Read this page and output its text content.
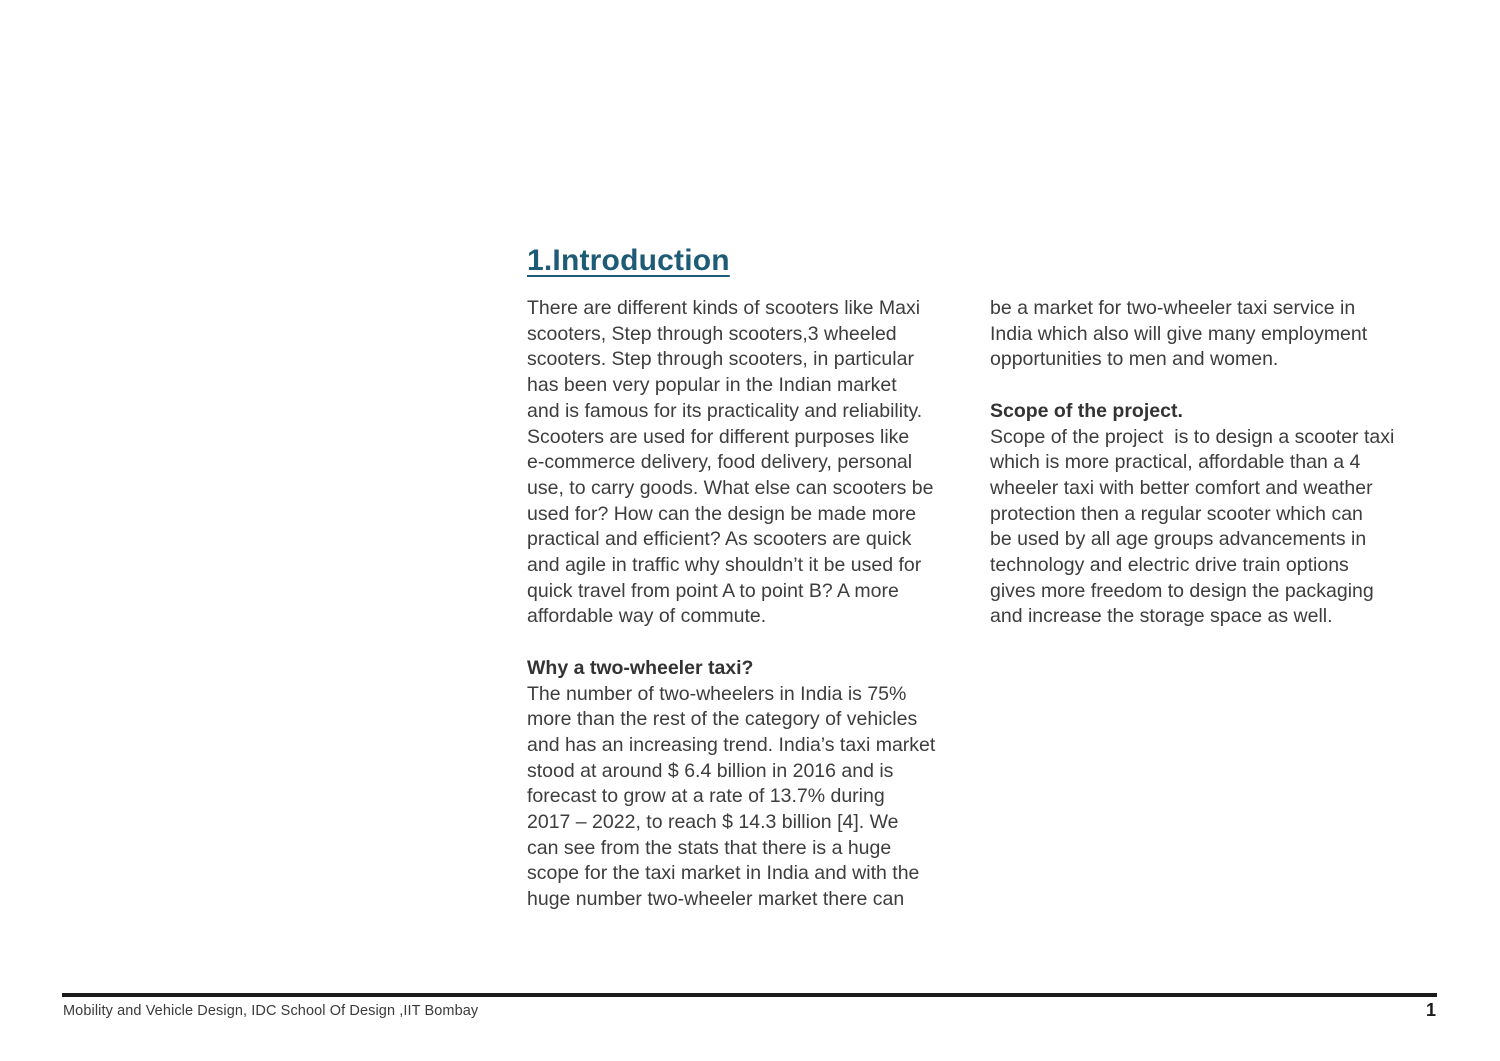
1.Introduction
There are different kinds of scooters like Maxi
scooters, Step through scooters,3 wheeled
scooters. Step through scooters, in particular
has been very popular in the Indian market
and is famous for its practicality and reliability.
Scooters are used for different purposes like
e-commerce delivery, food delivery, personal
use, to carry goods. What else can scooters be
used for? How can the design be made more
practical and efficient? As scooters are quick
and agile in traffic why shouldn’t it be used for
quick travel from point A to point B? A more
affordable way of commute.
Why a two-wheeler taxi?
The number of two-wheelers in India is 75%
more than the rest of the category of vehicles
and has an increasing trend. India’s taxi market
stood at around $ 6.4 billion in 2016 and is
forecast to grow at a rate of 13.7% during
2017 – 2022, to reach $ 14.3 billion [4]. We
can see from the stats that there is a huge
scope for the taxi market in India and with the
huge number two-wheeler market there can
be a market for two-wheeler taxi service in
India which also will give many employment
opportunities to men and women.
Scope of the project.
Scope of the project  is to design a scooter taxi
which is more practical, affordable than a 4
wheeler taxi with better comfort and weather
protection then a regular scooter which can
be used by all age groups advancements in
technology and electric drive train options
gives more freedom to design the packaging
and increase the storage space as well.
Mobility and Vehicle Design, IDC School Of Design ,IIT Bombay	1
